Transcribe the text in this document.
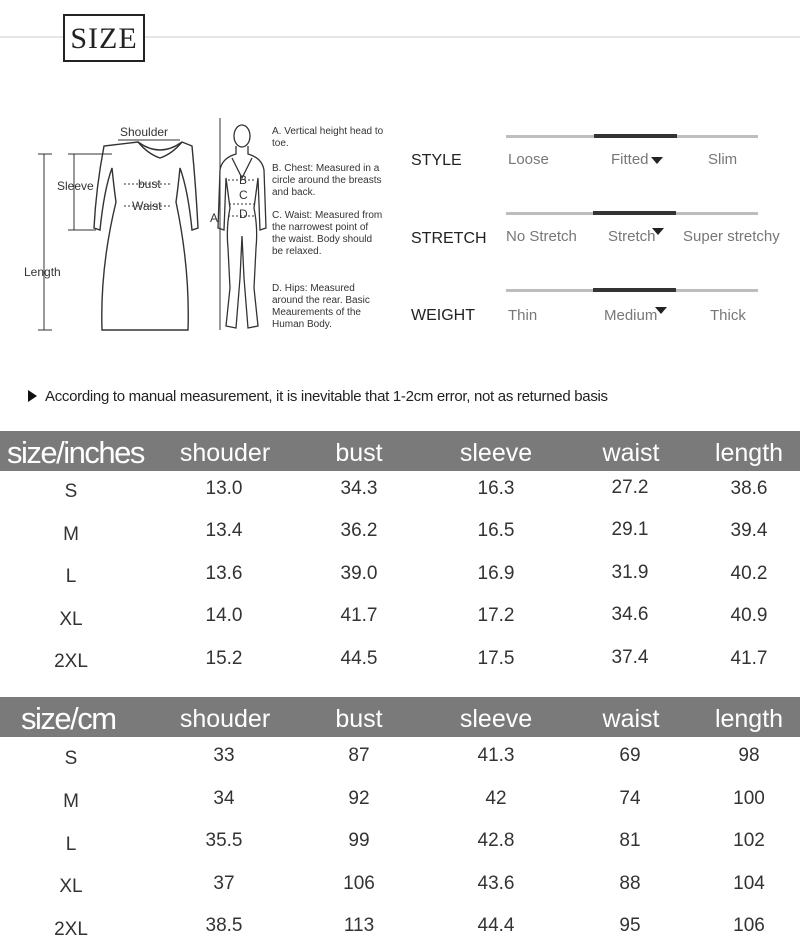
SIZE
Shoulder
Sleeve
Length
bust
Waist
A
B
C
D
A. Vertical height head to toe.
B. Chest: Measured in a circle around the breasts and back.
C. Waist: Measured from the narrowest point of the waist. Body should be relaxed.
D. Hips: Measured around the rear. Basic Meaurements of the Human Body.
STYLE	Loose	Fitted	Slim
STRETCH No Stretch Stretch	Super stretchy
WEIGHT Thin	Medium	Thick
According to manual measurement, it is inevitable that 1-2cm error, not as returned basis
size/inches	shouder	bust	sleeve	waist	length
S	13.0	34.3	16.3	27.2	38.6
M	13.4	36.2	16.5	29.1	39.4
L	13.6	39.0	16.9	31.9	40.2
XL	14.0	41.7	17.2	34.6	40.9
2XL	15.2	44.5	17.5	37.4	41.7
size/cm	shouder	bust	sleeve	waist	length
S	33	87	41.3	69	98
M	34	92	42	74	100
L	35.5	99	42.8	81	102
XL	37	106	43.6	88	104
2XL	38.5	113	44.4	95	106
